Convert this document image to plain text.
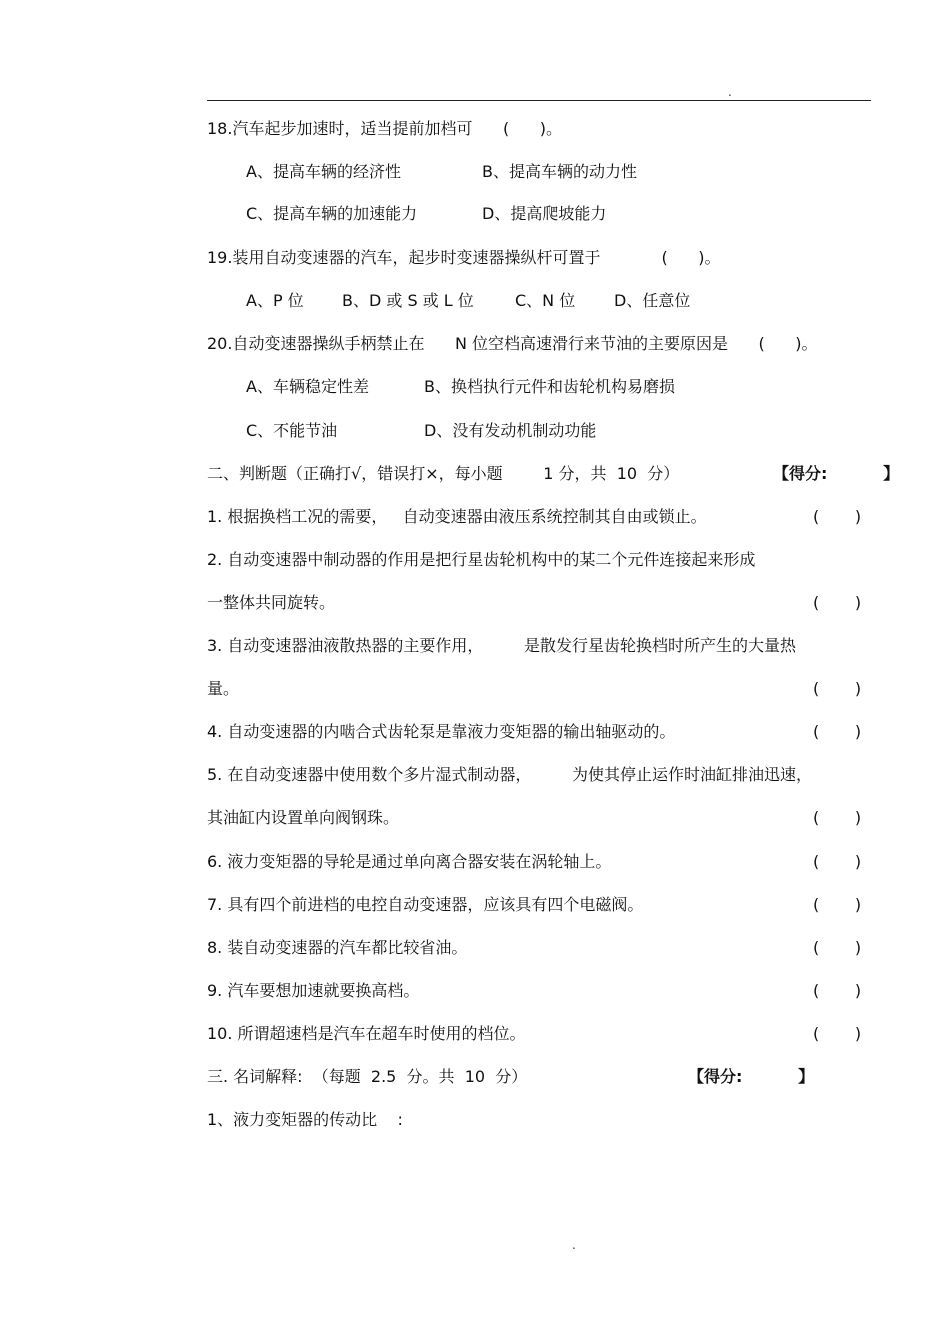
.
18.汽车起步加速时，适当提前加档可      (      )。
A、提高车辆的经济性	B、提高车辆的动力性
C、提高车辆的加速能力	D、提高爬坡能力
19.装用自动变速器的汽车，起步时变速器操纵杆可置于            (      )。
A、P 位 B、D 或 S 或 L 位	C、N 位 D、任意位
20.自动变速器操纵手柄禁止在      N 位空档高速滑行来节油的主要原因是      (      )。
A、车辆稳定性差	B、换档执行元件和齿轮机构易磨损
C、不能节油	D、没有发动机制动功能
二、判断题（正确打√，错误打×，每小题        1 分，共  10  分）	【得分:          】
1. 根据换档工况的需要，   自动变速器由液压系统控制其自由或锁止。	(       )
2. 自动变速器中制动器的作用是把行星齿轮机构中的某二个元件连接起来形成
一整体共同旋转。	(       )
3. 自动变速器油液散热器的主要作用，        是散发行星齿轮换档时所产生的大量热
量。	(       )
4. 自动变速器的内啮合式齿轮泵是靠液力变矩器的输出轴驱动的。	(       )
5. 在自动变速器中使用数个多片湿式制动器，        为使其停止运作时油缸排油迅速，
其油缸内设置单向阀钢珠。	(       )
6. 液力变矩器的导轮是通过单向离合器安装在涡轮轴上。	(       )
7. 具有四个前进档的电控自动变速器，应该具有四个电磁阀。	(       )
8. 装自动变速器的汽车都比较省油。	(       )
9. 汽车要想加速就要换高档。	(       )
10. 所谓超速档是汽车在超车时使用的档位。	(       )
三. 名词解释:  （每题  2.5  分。共  10  分）	【得分:          】
1、液力变矩器的传动比    :
.
